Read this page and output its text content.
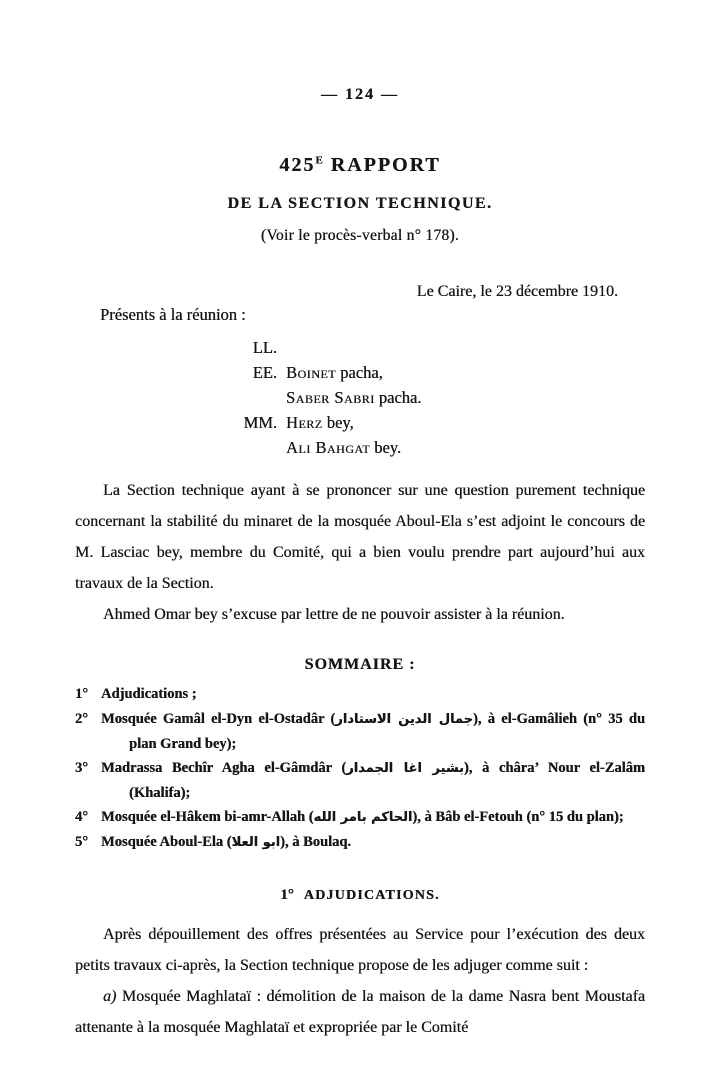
— 124 —
$425^E$ RAPPORT
DE LA SECTION TECHNIQUE.
(Voir le procès-verbal n° 178).
Le Caire, le 23 décembre 1910.
Présents à la réunion :
LL. EE. Boinet pacha,
Saber Sabri pacha.
MM. Herz bey,
Ali Bahgat bey.

La Section technique ayant à se prononcer sur une question purement technique concernant la stabilité du minaret de la mosquée Aboul-Ela s’est adjoint le concours de M. Lasciac bey, membre du Comité, qui a bien voulu prendre part aujourd’hui aux travaux de la Section.

Ahmed Omar bey s’excuse par lettre de ne pouvoir assister à la réunion.

SOMMAIRE :
1° Adjudications ;
2° Mosquée Gamâl el-Dyn el-Ostadâr (جمال الدين الاستادار), à el-Gamâlieh (n° 35 du plan Grand bey);
3° Madrassa Bechîr Agha el-Gâmdâr (بشير اغا الجمدار), à châra’ Nour el-Zalâm (Khalifa);
4° Mosquée el-Hâkem bi-amr-Allah (الحاكم بامر الله), à Bâb el-Fetouh (n° 15 du plan);
5° Mosquée Aboul-Ela (ابو العلا), à Boulaq.
1° ADJUDICATIONS.

Après dépouillement des offres présentées au Service pour l’exécution des deux petits travaux ci-après, la Section technique propose de les adjuger comme suit :

a) Mosquée Maghlataï : démolition de la maison de la dame Nasra bent Moustafa attenante à la mosquée Maghlataï et expropriée par le Comité
